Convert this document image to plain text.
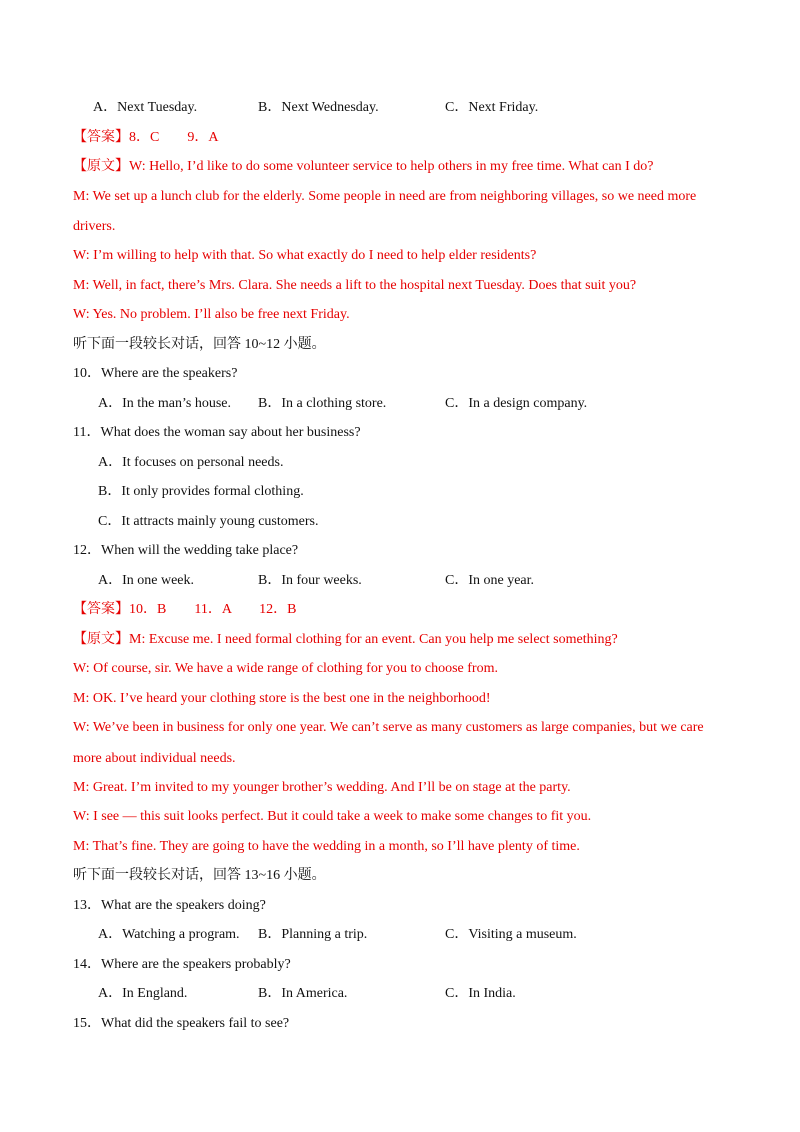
A．Next Tuesday.	B．Next Wednesday.	C．Next Friday.
【答案】8．C　　9．A
【原文】W: Hello, I’d like to do some volunteer service to help others in my free time. What can I do?
M: We set up a lunch club for the elderly. Some people in need are from neighboring villages, so we need more
drivers.
W: I’m willing to help with that. So what exactly do I need to help elder residents?
M: Well, in fact, there’s Mrs. Clara. She needs a lift to the hospital next Tuesday. Does that suit you?
W: Yes. No problem. I’ll also be free next Friday.
听下面一段较长对话，回答 10~12 小题。
10．Where are the speakers?
A．In the man’s house. B．In a clothing store.	C．In a design company.
11．What does the woman say about her business?
A．It focuses on personal needs.
B．It only provides formal clothing.
C．It attracts mainly young customers.
12．When will the wedding take place?
A．In one week.	B．In four weeks.	C．In one year.
【答案】10．B　　11．A　　12．B
【原文】M: Excuse me. I need formal clothing for an event. Can you help me select something?
W: Of course, sir. We have a wide range of clothing for you to choose from.
M: OK. I’ve heard your clothing store is the best one in the neighborhood!
W: We’ve been in business for only one year. We can’t serve as many customers as large companies, but we care
more about individual needs.
M: Great. I’m invited to my younger brother’s wedding. And I’ll be on stage at the party.
W: I see — this suit looks perfect. But it could take a week to make some changes to fit you.
M: That’s fine. They are going to have the wedding in a month, so I’ll have plenty of time.
听下面一段较长对话，回答 13~16 小题。
13．What are the speakers doing?
A．Watching a program. B．Planning a trip.	C．Visiting a museum.
14．Where are the speakers probably?
A．In England.	B．In America.	C．In India.
15．What did the speakers fail to see?
